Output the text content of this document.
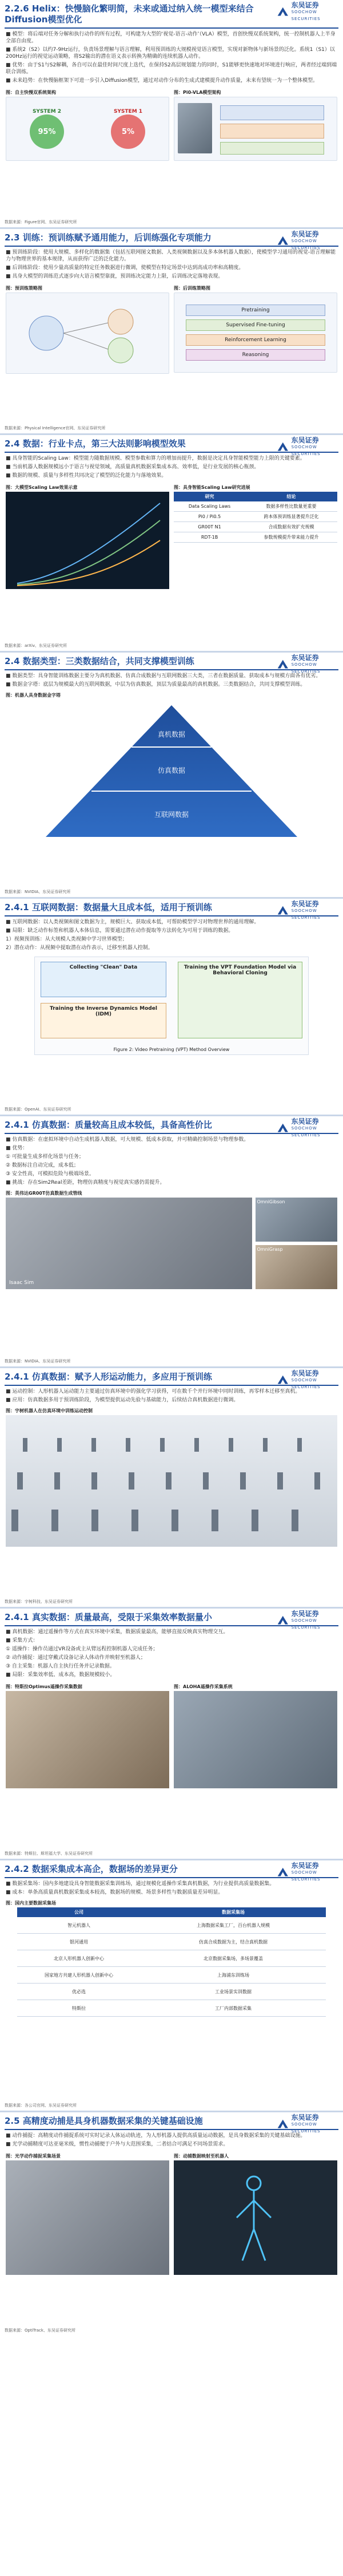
东吴证券
SOOCHOW SECURITIES
2.2.6 Helix：快慢脑化繁明简，未来或通过纳入统一模型来结合Diffusion模型优化

■ 模型：将后端对任务分解和执行动作的所有过程，可构建为大型的‘视觉-语言-动作’（VLA）模型，首创快慢双系统架构，统一控制机器人上半身全部自由度。

■ 系统2（S2）以约7-9Hz运行，负责场景理解与语言理解，利用预训练的大规模视觉语言模型，实现对新物体与新场景的泛化。系统1（S1）以200Hz运行的视觉运动策略，将S2输出的潜在语义表示转换为精确的连续机器人动作。

■ 优势：由于S1与S2解耦，各自可以在最佳时间尺度上迭代，在保持S2高层规划能力的同时，S1能够更快速地对环境进行响应，两者经过端到端联合训练。

■ 未来趋势：在快慢脑框架下可进一步引入Diffusion模型，通过对动作分布的生成式建模提升动作质量，未来有望统一为一个整体模型。

图：自主快慢双系统架构
SYSTEM 2
95%
SYSTEM 1
5%
图：Pi0-VLA模型架构
数据来源：Figure官网、东吴证券研究所
东吴证券
SOOCHOW SECURITIES
2.3 训练：预训练赋予通用能力，后训练强化专项能力

■ 预训练阶段：使用大规模、多样化的数据集（包括互联网图文数据、人类视频数据以及多本体机器人数据），使模型学习通用的视觉-语言理解能力与物理世界的基本规律，从而获得广泛的泛化能力。

■ 后训练阶段：使用少量高质量的特定任务数据进行微调，使模型在特定场景中达到高成功率和高精度。

■ 具身大模型的训练范式逐步向大语言模型靠拢，预训练决定能力上限，后训练决定落地表现。

图：预训练策略图	图：后训练策略图
Pretraining
Supervised Fine-tuning
Reinforcement Learning
Reasoning
数据来源：Physical Intelligence官网、东吴证券研究所
东吴证券
SOOCHOW SECURITIES
2.4 数据：行业卡点，第三大法则影响模型效果

■ 具身智能的Scaling Law：模型能力随数据规模、模型参数和算力的增加而提升，数据是决定具身智能模型能力上限的关键要素。

■ 当前机器人数据规模远小于语言与视觉领域，高质量真机数据采集成本高、效率低，是行业发展的核心瓶颈。

■ 数据的规模、质量与多样性共同决定了模型的泛化能力与落地效果。

图：大模型Scaling Law效果示意	图：具身智能Scaling Law研究进展
研究	结论
Data Scaling Laws	数据多样性比数量更重要
Pi0 / Pi0.5	跨本体预训练显著提升泛化
GR00T N1	合成数据有效扩充规模
RDT-1B	参数规模提升带来能力提升
数据来源：arXiv、东吴证券研究所
东吴证券
SOOCHOW SECURITIES
2.4 数据类型：三类数据结合，共同支撑模型训练

■ 数据类型：具身智能训练数据主要分为真机数据、仿真合成数据与互联网数据三大类，三者在数据质量、获取成本与规模方面各有优劣。

■ 数据金字塔：底层为规模最大的互联网数据，中层为仿真数据，顶层为质量最高的真机数据。三类数据结合，共同支撑模型训练。

图：机器人具身数据金字塔
真机数据
仿真数据
互联网数据
数据来源：NVIDIA、东吴证券研究所
东吴证券
SOOCHOW SECURITIES
2.4.1 互联网数据：数据量大且成本低，适用于预训练

■ 互联网数据：以人类视频和图文数据为主，规模巨大、获取成本低，可帮助模型学习对物理世界的通用理解。

■ 局限：缺乏动作标签和机器人本体信息，需要通过潜在动作提取等方法转化为可用于训练的数据。

1）视频预训练：从大规模人类视频中学习世界模型；

2）潜在动作：从视频中提取潜在动作表示，迁移至机器人控制。

Collecting "Clean" Data
Training the Inverse Dynamics Model (IDM)
Training the VPT Foundation Model via Behavioral Cloning
Figure 2: Video Pretraining (VPT) Method Overview
数据来源：OpenAI、东吴证券研究所
东吴证券
SOOCHOW SECURITIES
2.4.1 仿真数据：质量较高且成本较低，具备高性价比

■ 仿真数据：在虚拟环境中自动生成机器人数据，可大规模、低成本获取，并可精确控制场景与物理参数。

■ 优势：

① 可批量生成多样化场景与任务；

② 数据标注自动完成，成本低；

③ 安全性高，可模拟危险与极端场景。

■ 挑战：存在Sim2Real差距，物理仿真精度与视觉真实感仍需提升。

图：英伟达GR00T仿真数据生成管线
Isaac Sim
OmniGibson
OmniGrasp
数据来源：NVIDIA、东吴证券研究所
东吴证券
SOOCHOW SECURITIES
2.4.1 仿真数据：赋予人形运动能力，多应用于预训练

■ 运动控制：人形机器人运动能力主要通过仿真环境中的强化学习获得，可在数千个并行环境中同时训练，再零样本迁移至真机。

■ 应用：仿真数据多用于预训练阶段，为模型提供运动先验与基础能力，后续结合真机数据进行微调。

图：宇树机器人在仿真环境中训练运动控制
数据来源：宇树科技、东吴证券研究所
东吴证券
SOOCHOW SECURITIES
2.4.1 真实数据：质量最高，受限于采集效率数据量小

■ 真机数据：通过遥操作等方式在真实环境中采集，数据质量最高，能够直接反映真实物理交互。

■ 采集方式：

① 遥操作：操作员通过VR设备或主从臂远程控制机器人完成任务；

② 动作捕捉：通过穿戴式设备记录人体动作并映射至机器人；

③ 自主采集：机器人自主执行任务并记录数据。

■ 局限：采集效率低、成本高，数据规模较小。

图：特斯拉Optimus遥操作采集数据	图：ALOHA遥操作采集系统
数据来源：特斯拉、斯坦福大学、东吴证券研究所
东吴证券
SOOCHOW SECURITIES
2.4.2 数据采集成本高企，数据场的差异更分

■ 数据采集场：国内多地建设具身智能数据采集训练场，通过规模化遥操作采集真机数据，为行业提供高质量数据集。

■ 成本：单条高质量真机数据采集成本较高，数据场的规模、场景多样性与数据质量差异明显。

图：国内主要数据采集场
公司	数据采集场
智元机器人	上海数据采集工厂，百台机器人规模
银河通用	仿真合成数据为主，结合真机数据
北京人形机器人创新中心	北京数据采集场，多场景覆盖
国家地方共建人形机器人创新中心	上海浦东训练场
优必选	工业场景实训数据
特斯拉	工厂内部数据采集
数据来源：各公司官网、东吴证券研究所
东吴证券
SOOCHOW SECURITIES
2.5 高精度动捕是具身机器数据采集的关键基础设施

■ 动作捕捉：高精度动作捕捉系统可实时记录人体运动轨迹，为人形机器人提供高质量运动数据，是具身数据采集的关键基础设施。

■ 光学动捕精度可达亚毫米级，惯性动捕便于户外与大范围采集，二者结合可满足不同场景需求。

图：光学动作捕捉采集场景	图：动捕数据映射至机器人
数据来源：OptiTrack、东吴证券研究所
